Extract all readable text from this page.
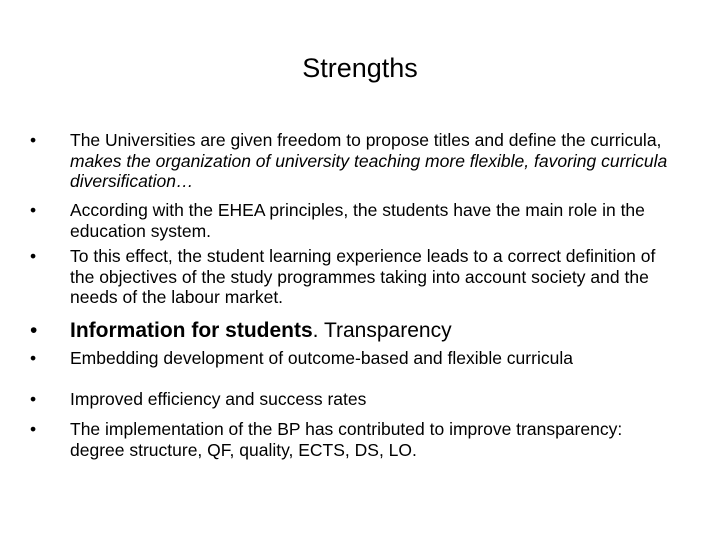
Strengths
•	The Universities are given freedom to propose titles and define the curricula, makes the organization of university teaching more flexible, favoring curricula diversification…
•	According with the EHEA principles, the students have the main role in the education system.
•	To this effect, the student learning experience leads to a correct definition of the objectives of the study programmes taking into account society and the needs of the labour market.
•	Information for students. Transparency
•	Embedding development of outcome-based and flexible curricula
•	Improved efficiency and success rates
•	The implementation of the BP has contributed to improve transparency: degree structure, QF, quality, ECTS, DS, LO.
